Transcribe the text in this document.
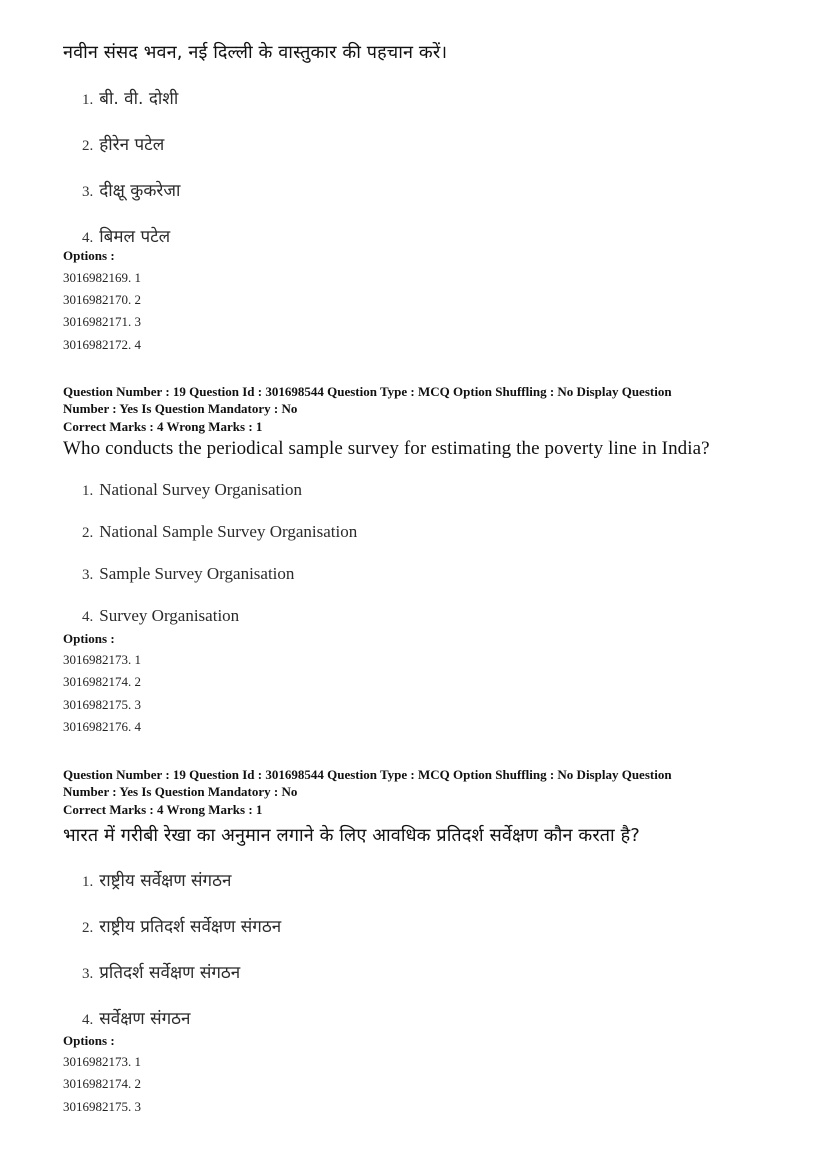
नवीन संसद भवन, नई दिल्ली के वास्तुकार की पहचान करें।
1. बी. वी. दोशी
2. हीरेन पटेल
3. दीक्षू कुकरेजा
4. बिमल पटेल
Options :
3016982169. 1
3016982170. 2
3016982171. 3
3016982172. 4
Question Number : 19 Question Id : 301698544 Question Type : MCQ Option Shuffling : No Display Question
Number : Yes Is Question Mandatory : No
Correct Marks : 4 Wrong Marks : 1
Who conducts the periodical sample survey for estimating the poverty line in India?
1. National Survey Organisation
2. National Sample Survey Organisation
3. Sample Survey Organisation
4. Survey Organisation
Options :
3016982173. 1
3016982174. 2
3016982175. 3
3016982176. 4
Question Number : 19 Question Id : 301698544 Question Type : MCQ Option Shuffling : No Display Question
Number : Yes Is Question Mandatory : No
Correct Marks : 4 Wrong Marks : 1
भारत में गरीबी रेखा का अनुमान लगाने के लिए आवधिक प्रतिदर्श सर्वेक्षण कौन करता है?
1. राष्ट्रीय सर्वेक्षण संगठन
2. राष्ट्रीय प्रतिदर्श सर्वेक्षण संगठन
3. प्रतिदर्श सर्वेक्षण संगठन
4. सर्वेक्षण संगठन
Options :
3016982173. 1
3016982174. 2
3016982175. 3
